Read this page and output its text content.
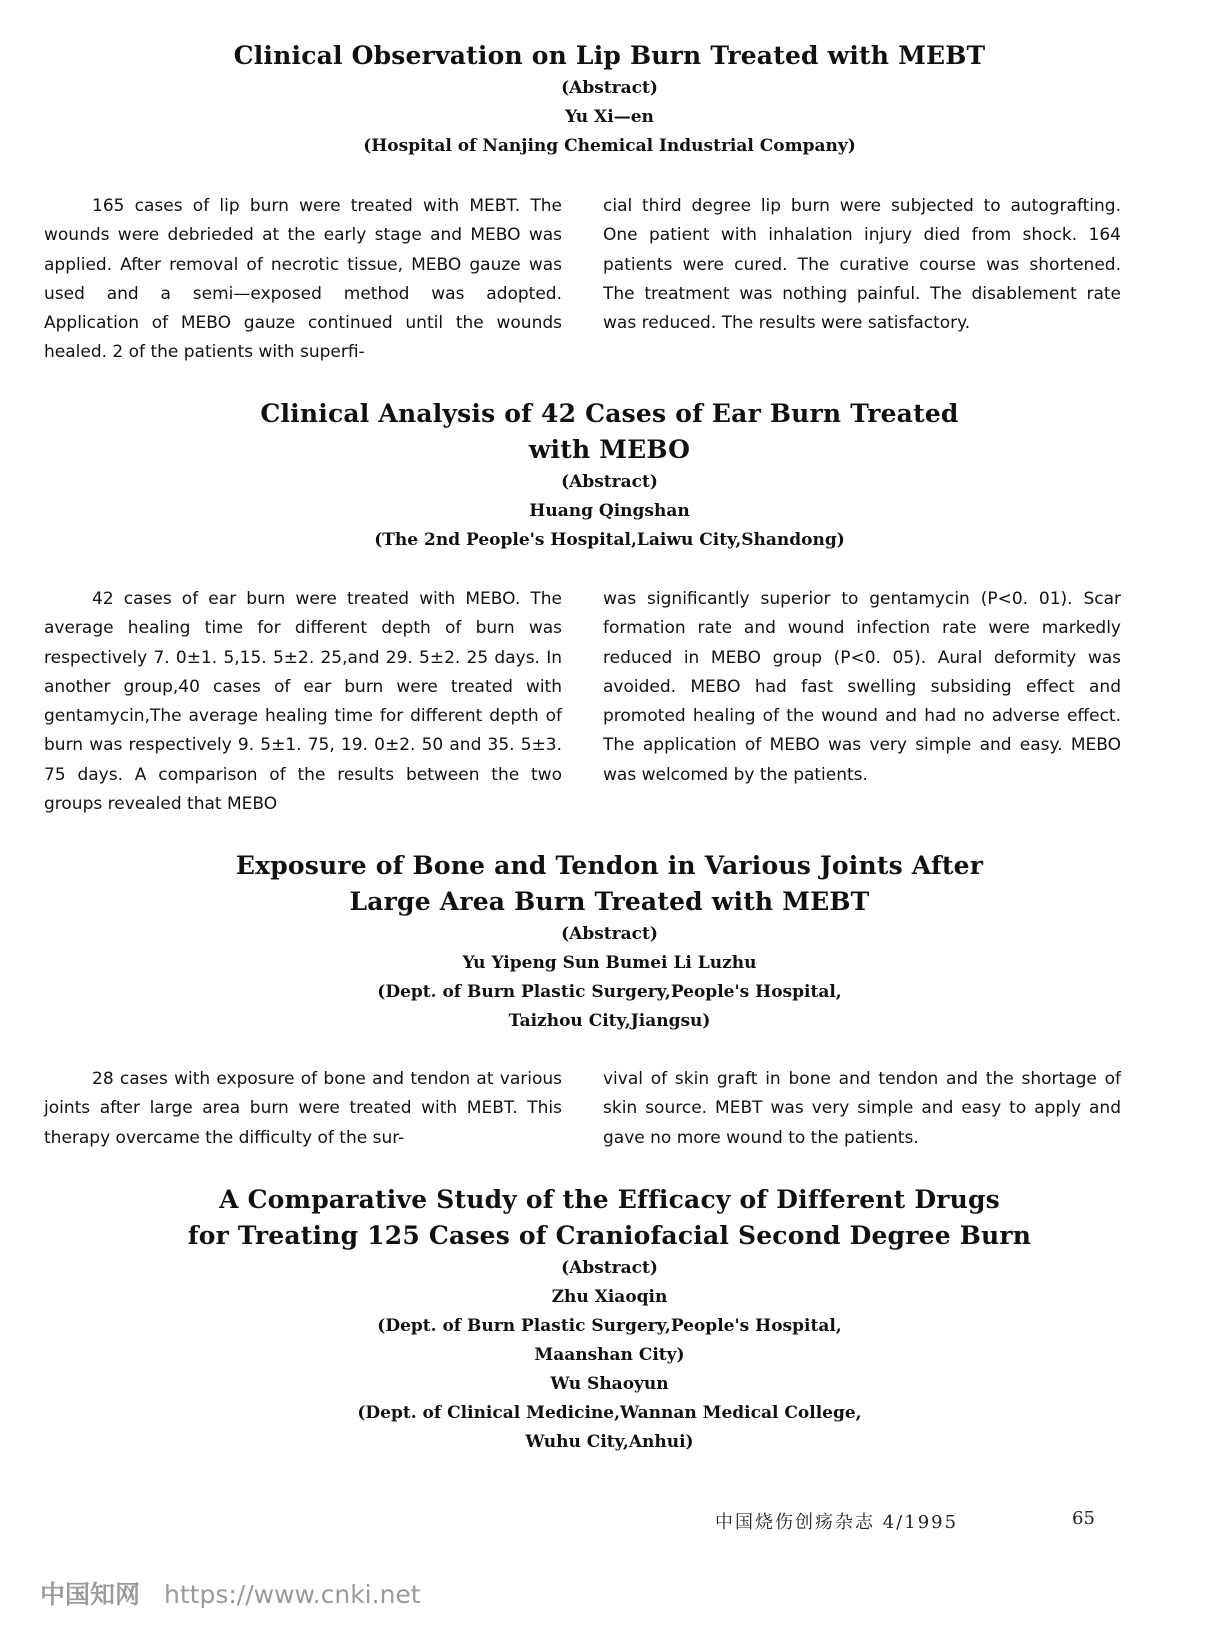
Clinical Observation on Lip Burn Treated with MEBT
(Abstract)
Yu Xi—en
(Hospital of Nanjing Chemical Industrial Company)

165 cases of lip burn were treated with MEBT. The wounds were debrieded at the early stage and MEBO was applied. After removal of necrotic tissue, MEBO gauze was used and a semi—exposed method was adopted. Application of MEBO gauze continued until the wounds healed. 2 of the patients with superfi-

cial third degree lip burn were subjected to autografting. One patient with inhalation injury died from shock. 164 patients were cured. The curative course was shortened. The treatment was nothing painful. The disablement rate was reduced. The results were satisfactory.

Clinical Analysis of 42 Cases of Ear Burn Treated
with MEBO
(Abstract)
Huang Qingshan
(The 2nd People's Hospital,Laiwu City,Shandong)

42 cases of ear burn were treated with MEBO. The average healing time for different depth of burn was respectively 7. 0±1. 5,15. 5±2. 25,and 29. 5±2. 25 days. In another group,40 cases of ear burn were treated with gentamycin,The average healing time for different depth of burn was respectively 9. 5±1. 75, 19. 0±2. 50 and 35. 5±3. 75 days. A comparison of the results between the two groups revealed that MEBO

was significantly superior to gentamycin (P<0. 01). Scar formation rate and wound infection rate were markedly reduced in MEBO group (P<0. 05). Aural deformity was avoided. MEBO had fast swelling subsiding effect and promoted healing of the wound and had no adverse effect. The application of MEBO was very simple and easy. MEBO was welcomed by the patients.

Exposure of Bone and Tendon in Various Joints After
Large Area Burn Treated with MEBT
(Abstract)
Yu Yipeng Sun Bumei Li Luzhu
(Dept. of Burn Plastic Surgery,People's Hospital,
Taizhou City,Jiangsu)

28 cases with exposure of bone and tendon at various joints after large area burn were treated with MEBT. This therapy overcame the difficulty of the sur-

vival of skin graft in bone and tendon and the shortage of skin source. MEBT was very simple and easy to apply and gave no more wound to the patients.

A Comparative Study of the Efficacy of Different Drugs
for Treating 125 Cases of Craniofacial Second Degree Burn
(Abstract)
Zhu Xiaoqin
(Dept. of Burn Plastic Surgery,People's Hospital,
Maanshan City)
Wu Shaoyun
(Dept. of Clinical Medicine,Wannan Medical College,
Wuhu City,Anhui)
中国烧伤创疡杂志 4/1995	65
中国知网 https://www.cnki.net
